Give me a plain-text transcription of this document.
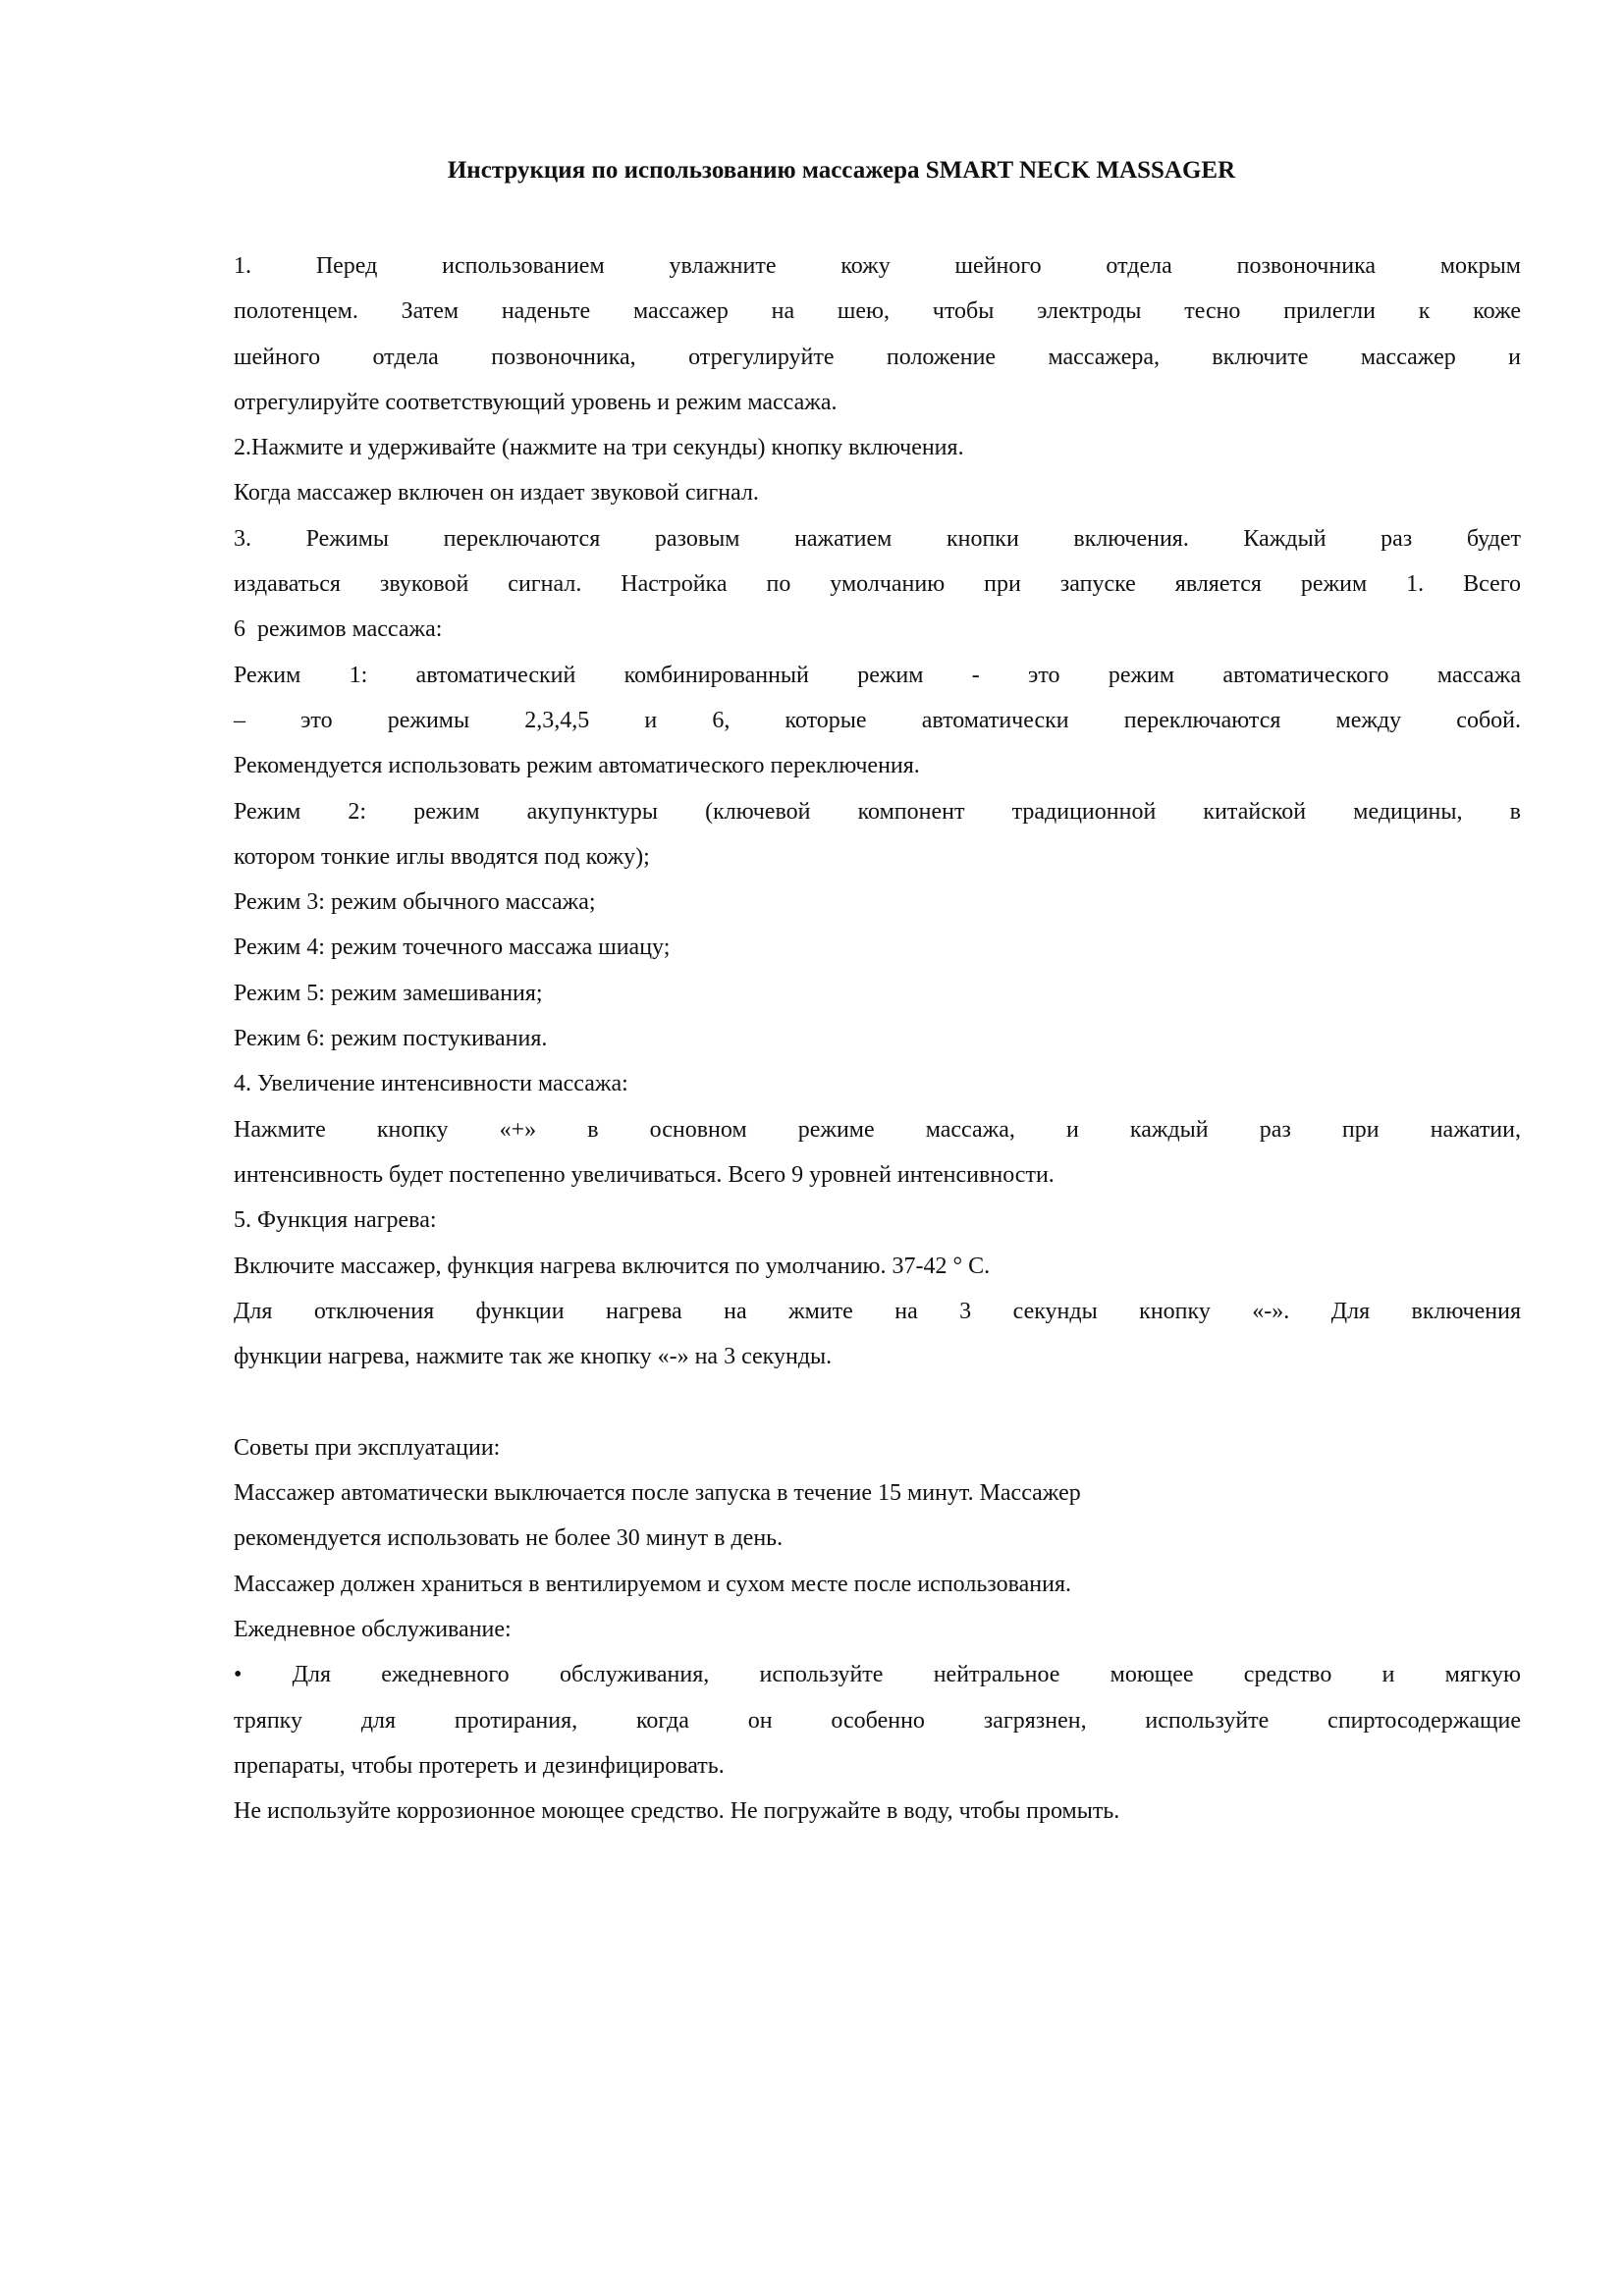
Инструкция по использованию массажера SMART NECK MASSAGER
1. Перед использованием увлажните кожу шейного отдела позвоночника мокрым
полотенцем. Затем наденьте массажер на шею, чтобы электроды тесно прилегли к коже
шейного отдела позвоночника, отрегулируйте положение массажера, включите массажер и
отрегулируйте соответствующий уровень и режим массажа.
2.Нажмите и удерживайте (нажмите на три секунды) кнопку включения.
Когда массажер включен он издает звуковой сигнал.
3. Режимы переключаются разовым нажатием кнопки включения. Каждый раз будет
издаваться звуковой сигнал. Настройка по умолчанию при запуске является режим 1. Всего
6  режимов массажа:
Режим 1: автоматический комбинированный режим - это режим автоматического массажа
– это режимы 2,3,4,5 и 6, которые автоматически переключаются между собой.
Рекомендуется использовать режим автоматического переключения.
Режим 2: режим акупунктуры (ключевой компонент традиционной китайской медицины, в
котором тонкие иглы вводятся под кожу);
Режим 3: режим обычного массажа;
Режим 4: режим точечного массажа шиацу;
Режим 5: режим замешивания;
Режим 6: режим постукивания.
4. Увеличение интенсивности массажа:
Нажмите кнопку «+» в основном режиме массажа, и каждый раз при нажатии,
интенсивность будет постепенно увеличиваться. Всего 9 уровней интенсивности.
5. Функция нагрева:
Включите массажер, функция нагрева включится по умолчанию. 37-42 ° С.
Для отключения функции нагрева на жмите на 3 секунды кнопку «-». Для включения
функции нагрева, нажмите так же кнопку «-» на 3 секунды.
Советы при эксплуатации:
Массажер автоматически выключается после запуска в течение 15 минут. Массажер
рекомендуется использовать не более 30 минут в день.
Массажер должен храниться в вентилируемом и сухом месте после использования.
Ежедневное обслуживание:
• Для ежедневного обслуживания, используйте нейтральное моющее средство и мягкую
тряпку для протирания, когда он особенно загрязнен, используйте спиртосодержащие
препараты, чтобы протереть и дезинфицировать.
Не используйте коррозионное моющее средство. Не погружайте в воду, чтобы промыть.
